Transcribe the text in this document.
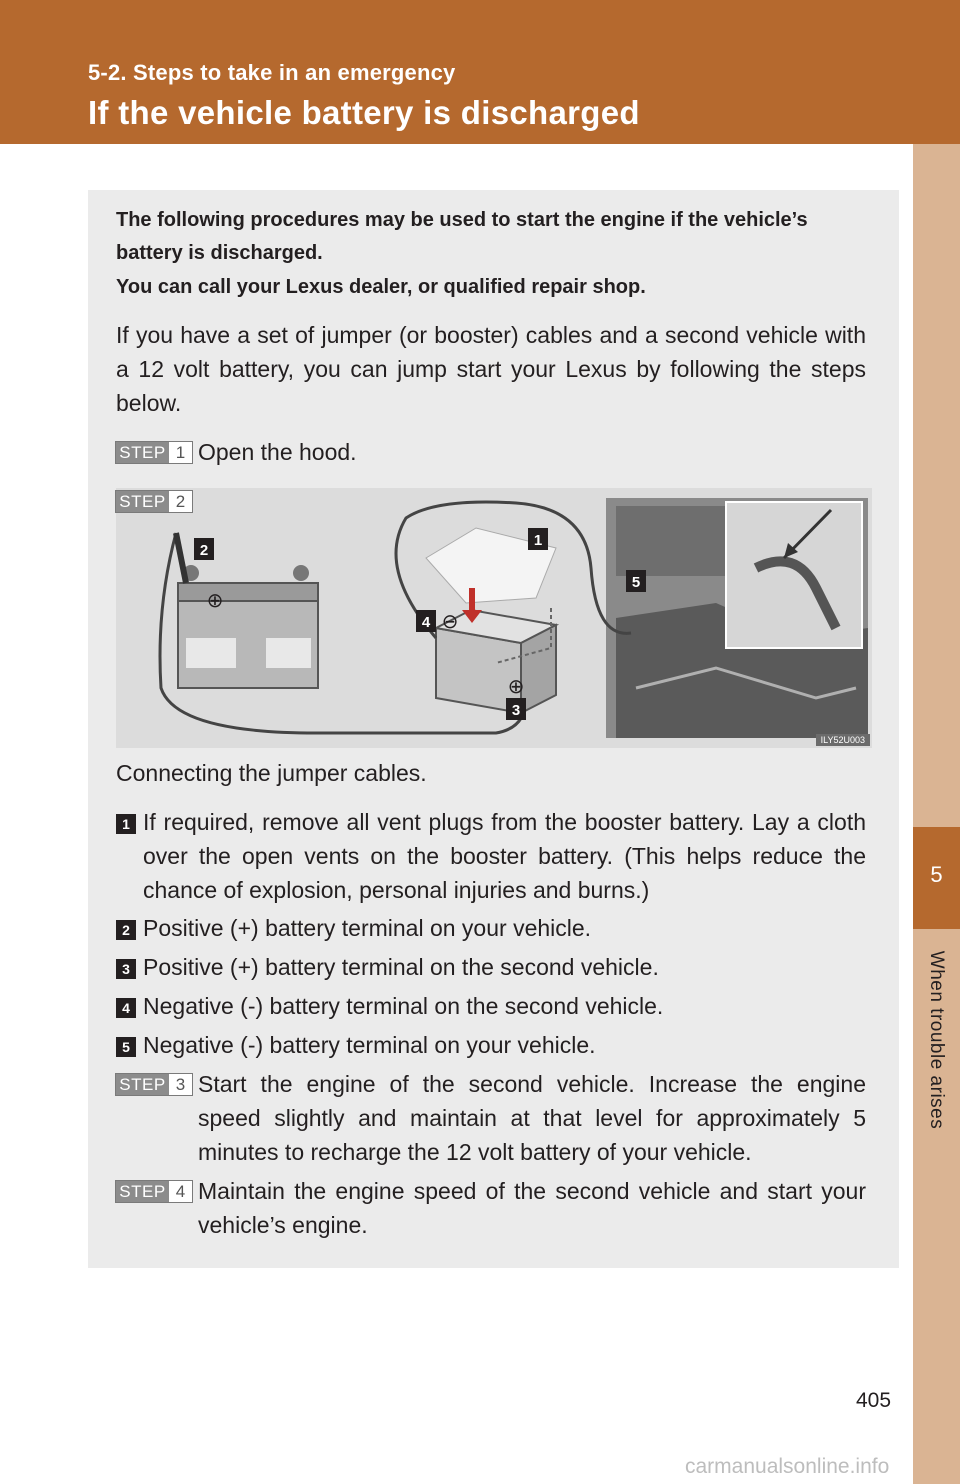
5-2. Steps to take in an emergency
If the vehicle battery is discharged
5
When trouble arises
The following procedures may be used to start the engine if the vehicle’s battery is discharged.
You can call your Lexus dealer, or qualified repair shop.
If you have a set of jumper (or booster) cables and a second vehicle with a 12 volt battery, you can jump start your Lexus by following the steps below.
STEP 1 Open the hood.
2
1
4
3
5
⊕
⊖
⊕
ILY52U003
STEP 2
Connecting the jumper cables.
1 If required, remove all vent plugs from the booster battery. Lay a cloth over the open vents on the booster battery. (This helps reduce the chance of explosion, personal injuries and burns.)
2 Positive (+) battery terminal on your vehicle.
3 Positive (+) battery terminal on the second vehicle.
4 Negative (-) battery terminal on the second vehicle.
5 Negative (-) battery terminal on your vehicle.
STEP 3 Start the engine of the second vehicle. Increase the engine speed slightly and maintain at that level for approximately 5 minutes to recharge the 12 volt battery of your vehicle.
STEP 4 Maintain the engine speed of the second vehicle and start your vehicle’s engine.
405
carmanualsonline.info
